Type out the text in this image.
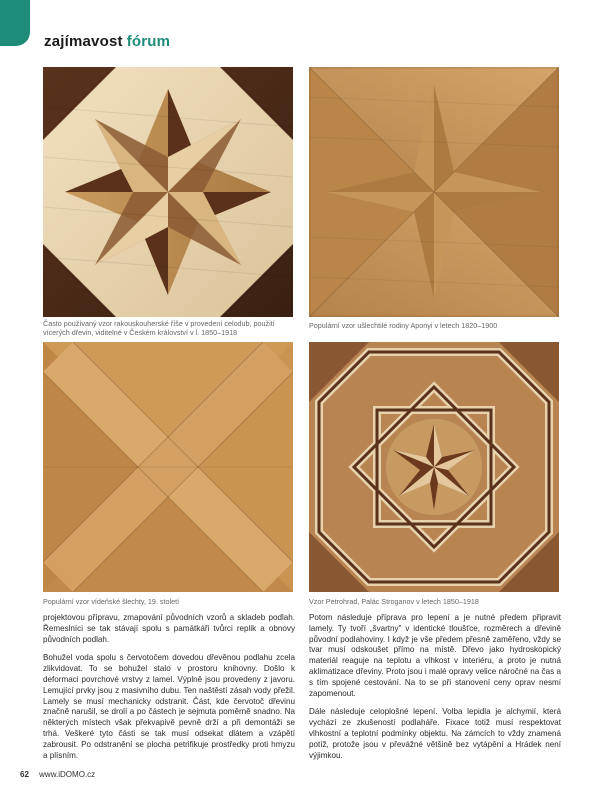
zajímavost fórum
Často používaný vzor rakouskouherské říše v provedení celodub, použití vícerých dřevin, viditelné v Českém království v l. 1850–1918
Populární vzor ušlechtilé rodiny Aponyi v letech 1820–1900
Populární vzor vídeňské šlechty, 19. století	Vzor Petrohrad, Palác Stroganov v letech 1850–1918

projektovou přípravu, zmapování původních vzorů a skladeb podlah. Řemeslníci se tak stávají spolu s památkáři tvůrci replik a obnovy původních podlah.

Bohužel voda spolu s červotočem dovedou dřevěnou podlahu zcela zlikvidovat. To se bohužel stalo v prostoru knihovny. Došlo k deformaci povrchové vrstvy z lamel. Výplně jsou provedeny z javoru. Lemující prvky jsou z masivního dubu. Ten naštěstí zásah vody přežil. Lamely se musí mechanicky odstranit. Část, kde červotoč dřevinu značně narušil, se drolí a po částech je sejmuta poměrně snadno. Na některých místech však překvapivě pevně drží a při demontáži se trhá. Veškeré tyto části se tak musí odsekat dlátem a vzápětí zabrousit. Po odstranění se plocha petrifikuje prostředky proti hmyzu a plísním.

Potom následuje příprava pro lepení a je nutné předem připravit lamely. Ty tvoří „švartny" v identické tloušťce, rozměrech a dřevině původní podlahoviny. I když je vše předem přesně zaměřeno, vždy se tvar musí odskoušet přímo na místě. Dřevo jako hydroskopický materiál reaguje na teplotu a vlhkost v interiéru, a proto je nutná aklimatizace dřeviny. Proto jsou i malé opravy velice náročné na čas a s tím spojené cestování. Na to se při stanovení ceny oprav nesmí zapomenout.

Dále následuje celoplošné lepení. Volba lepidla je alchymií, která vychází ze zkušeností podlaháře. Fixace totiž musí respektovat vlhkostní a teplotní podmínky objektu. Na zámcích to vždy znamená potíž, protože jsou v převážné většině bez vytápění a Hrádek není výjimkou.

62 www.iDOMO.cz
